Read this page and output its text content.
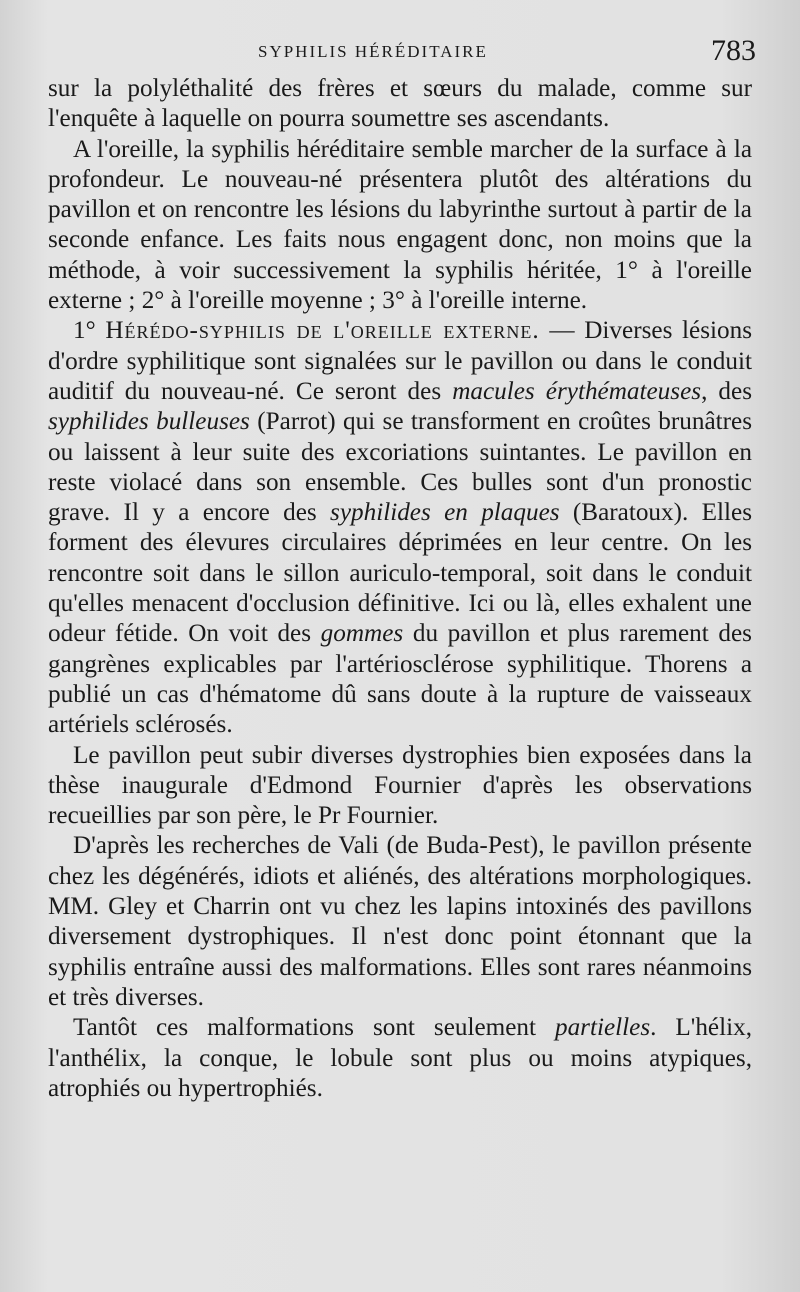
SYPHILIS HÉRÉDITAIRE	783

sur la polyléthalité des frères et sœurs du malade, comme sur l'enquête à laquelle on pourra soumettre ses ascendants.

A l'oreille, la syphilis héréditaire semble marcher de la surface à la profondeur. Le nouveau-né présentera plutôt des altérations du pavillon et on rencontre les lésions du labyrinthe surtout à partir de la seconde enfance. Les faits nous engagent donc, non moins que la méthode, à voir successivement la syphilis héritée, 1° à l'oreille externe ; 2° à l'oreille moyenne ; 3° à l'oreille interne.

1° Hérédo-syphilis de l'oreille externe. — Diverses lésions d'ordre syphilitique sont signalées sur le pavillon ou dans le conduit auditif du nouveau-né. Ce seront des macules érythémateuses, des syphilides bulleuses (Parrot) qui se transforment en croûtes brunâtres ou laissent à leur suite des excoriations suintantes. Le pavillon en reste violacé dans son ensemble. Ces bulles sont d'un pronostic grave. Il y a encore des syphilides en plaques (Baratoux). Elles forment des élevures circulaires déprimées en leur centre. On les rencontre soit dans le sillon auriculo-temporal, soit dans le conduit qu'elles menacent d'occlusion définitive. Ici ou là, elles exhalent une odeur fétide. On voit des gommes du pavillon et plus rarement des gangrènes explicables par l'artériosclérose syphilitique. Thorens a publié un cas d'hématome dû sans doute à la rupture de vaisseaux artériels sclérosés.

Le pavillon peut subir diverses dystrophies bien exposées dans la thèse inaugurale d'Edmond Fournier d'après les observations recueillies par son père, le Pr Fournier.

D'après les recherches de Vali (de Buda-Pest), le pavillon présente chez les dégénérés, idiots et aliénés, des altérations morphologiques. MM. Gley et Charrin ont vu chez les lapins intoxinés des pavillons diversement dystrophiques. Il n'est donc point étonnant que la syphilis entraîne aussi des malformations. Elles sont rares néanmoins et très diverses.

Tantôt ces malformations sont seulement partielles. L'hélix, l'anthélix, la conque, le lobule sont plus ou moins atypiques, atrophiés ou hypertrophiés.
